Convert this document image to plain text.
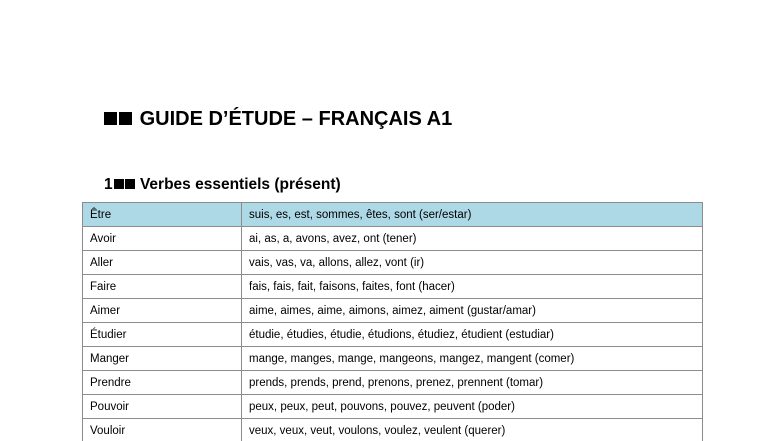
GUIDE D’ÉTUDE – FRANÇAIS A1
1 Verbes essentiels (présent)
Être	suis, es, est, sommes, êtes, sont (ser/estar)
Avoir	ai, as, a, avons, avez, ont (tener)
Aller	vais, vas, va, allons, allez, vont (ir)
Faire	fais, fais, fait, faisons, faites, font (hacer)
Aimer	aime, aimes, aime, aimons, aimez, aiment (gustar/amar)
Étudier	étudie, étudies, étudie, étudions, étudiez, étudient (estudiar)
Manger	mange, manges, mange, mangeons, mangez, mangent (comer)
Prendre	prends, prends, prend, prenons, prenez, prennent (tomar)
Pouvoir	peux, peux, peut, pouvons, pouvez, peuvent (poder)
Vouloir	veux, veux, veut, voulons, voulez, veulent (querer)
